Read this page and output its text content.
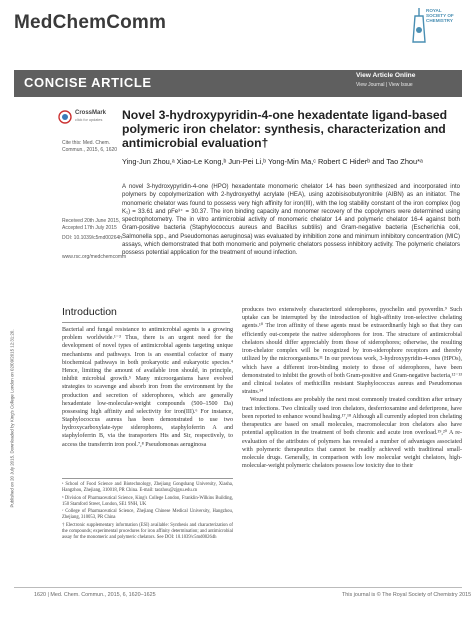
MedChemComm
ROYAL SOCIETY OF CHEMISTRY
CONCISE ARTICLE	View Article Online
View Journal | View Issue
Published on 20 July 2015. Downloaded by King's College London on 02/09/2015 12:31:20.
CrossMark
click for updates
Cite this: Med. Chem. Commun., 2015, 6, 1620
Novel 3-hydroxypyridin-4-one hexadentate ligand-based polymeric iron chelator: synthesis, characterization and antimicrobial evaluation†
Ying-Jun Zhou,ᵃ Xiao-Le Kong,ᵇ Jun-Pei Li,ᵇ Yong-Min Ma,ᶜ Robert C Hiderᵇ and Tao Zhou*ᵃ
A novel 3-hydroxypyridin-4-one (HPO) hexadentate monomeric chelator 14 has been synthesized and incorporated into polymers by copolymerization with 2-hydroxyethyl acrylate (HEA), using azobisisobutyronitrile (AIBN) as an initiator. The monomeric chelator was found to possess very high affinity for iron(III), with the log stability constant of the iron complex (log K₁) = 33.61 and pFe³⁺ = 30.37. The iron binding capacity and monomer recovery of the copolymers were determined using spectrophotometry. The in vitro antimicrobial activity of monomeric chelator 14 and polymeric chelator 16-4 against both Gram-positive bacteria (Staphylococcus aureus and Bacillus subtilis) and Gram-negative bacteria (Escherichia coli, Salmonella spp., and Pseudomonas aeruginosa) was evaluated by inhibition zone and minimum inhibitory concentration (MIC) assays, which demonstrated that both monomeric and polymeric chelators possess inhibitory activity. The polymeric chelators possess potential application for the treatment of wound infection.
Received 20th June 2015,
Accepted 17th July 2015
DOI: 10.1039/c5md00264h
www.rsc.org/medchemcomm
Introduction

Bacterial and fungal resistance to antimicrobial agents is a growing problem worldwide.¹⁻³ Thus, there is an urgent need for the development of novel types of antimicrobial agents targeting unique mechanisms and pathways. Iron is an essential cofactor of many biochemical pathways in both prokaryotic and eukaryotic species.⁴ Hence, limiting the amount of available iron should, in principle, inhibit microbial growth.⁵ Many microorganisms have evolved strategies to scavenge and absorb iron from the environment by the production and secretion of siderophores, which are generally hexadentate low-molecular-weight compounds (500–1500 Da) possessing high affinity and selectivity for iron(III).⁶ For instance, Staphylococcus aureus has been demonstrated to use two hydroxycarboxylate-type siderophores, staphyloferrin A and staphyloferrin B, via the transporters Hts and Sir, respectively, to access the transferrin iron pool.⁷,⁸ Pseudomonas aeruginosa

produces two extensively characterized siderophores, pyochelin and pyoverdin.⁹ Such uptake can be interrupted by the introduction of high-affinity iron-selective chelating agents.¹⁰ The iron affinity of these agents must be extraordinarily high so that they can efficiently out-compete the native siderophores for iron. The structure of antimicrobial chelators should differ appreciably from those of siderophores; otherwise, the resulting iron-chelator complex will be recognized by iron-siderophore receptors and thereby utilized by the microorganisms.¹¹ In our previous work, 3-hydroxypyridin-4-ones (HPOs), which have a different iron-binding moiety to those of siderophores, have been demonstrated to inhibit the growth of both Gram-positive and Gram-negative bacteria,¹²⁻¹³ and clinical isolates of methicillin resistant Staphylococcus aureus and Pseudomonas strains.¹⁴

Wound infections are probably the next most commonly treated condition after urinary tract infections. Two clinically used iron chelators, desferrioxamine and deferiprone, have been reported to enhance wound healing.¹⁷,¹⁸ Although all currently adopted iron chelating therapeutics are based on small molecules, macromolecular iron chelators also have potential application in the treatment of both chronic and acute iron overload.¹⁹,²⁰ A re-evaluation of the attributes of polymers has revealed a number of advantages associated with polymeric therapeutics that cannot be readily achieved with traditional small-molecule drugs. Generally, in comparison with low molecular weight chelators, high-molecular-weight polymeric chelators possess low toxicity due to their

ᵃ School of Food Science and Biotechnology, Zhejiang Gongshang University, Xiasha, Hangzhou, Zhejiang, 310018, PR China. E-mail: taozhou@zjgsu.edu.cn

ᵇ Division of Pharmaceutical Science, King's College London, Franklin-Wilkins Building, 150 Stamford Street, London, SE1 9NH, UK

ᶜ College of Pharmaceutical Science, Zhejiang Chinese Medical University, Hangzhou, Zhejiang, 310053, PR China

† Electronic supplementary information (ESI) available: Synthesis and characterization of the compounds; experimental procedures for iron affinity determination; and antimicrobial assay for the monomeric and polymeric chelators. See DOI: 10.1039/c5md00264h

1620 | Med. Chem. Commun., 2015, 6, 1620–1625	This journal is © The Royal Society of Chemistry 2015
